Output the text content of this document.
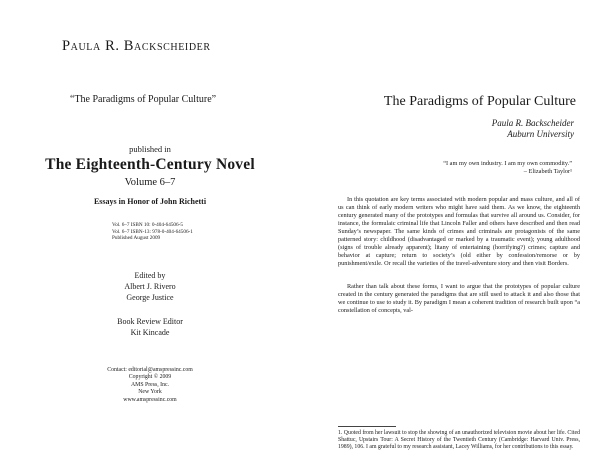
Paula R. Backscheider
“The Paradigms of Popular Culture”
published in
The Eighteenth-Century Novel
Volume 6–7
Essays in Honor of John Richetti
Vol. 6–7 ISBN 10: 0-404-64506-5
Vol. 6–7 ISBN-13: 978-0-404-64506-1
Published August 2009
Edited by
Albert J. Rivero
George Justice
Book Review Editor
Kit Kincade
Contact: editorial@amspressinc.com
Copyright © 2009
AMS Press, Inc.
New York
www.amspressinc.com
The Paradigms of Popular Culture
Paula R. Backscheider
Auburn University
“I am my own industry. I am my own commodity.”
– Elizabeth Taylor¹

In this quotation are key terms associated with modern popular and mass culture, and all of us can think of early modern writers who might have said them. As we know, the eighteenth century generated many of the prototypes and formulas that survive all around us. Consider, for instance, the formulaic criminal life that Lincoln Faller and others have described and then read Sunday’s newspaper. The same kinds of crimes and criminals are protagonists of the same patterned story: childhood (disadvantaged or marked by a traumatic event); young adulthood (signs of trouble already apparent); litany of entertaining (horrifying?) crimes; capture and behavior at capture; return to society’s (old either by confession/remorse or by punishment/exile. Or recall the varieties of the travel-adventure story and then visit Borders.

Rather than talk about these forms, I want to argue that the prototypes of popular culture created in the century generated the paradigms that are still used to attack it and also those that we continue to use to study it. By paradigm I mean a coherent tradition of research built upon “a constellation of concepts, val-

1. Quoted from her lawsuit to stop the showing of an unauthorized television movie about her life. Cited Shattuc, Upstairs Tour: A Secret History of the Twentieth Century (Cambridge: Harvard Univ. Press, 1989), 106. I am grateful to my research assistant, Lacey Williams, for her contributions to this essay.
